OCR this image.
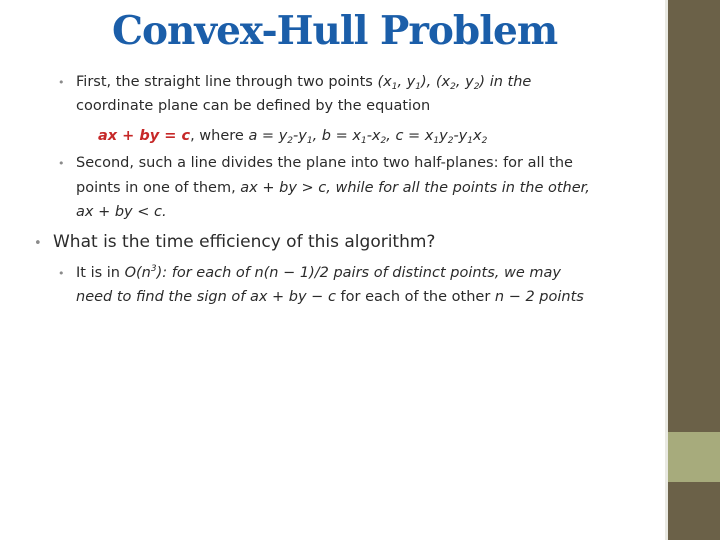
Convex-Hull Problem
• First, the straight line through two points ($x_1$, $y_1$), ($x_2$, $y_2$) in the
coordinate plane can be defined by the equation
ax + by = c, where $a = y_2-y_1$, $b = x_1-x_2$, $c = x_1y_2-y_1x_2$
• Second, such a line divides the plane into two half-planes: for all the
points in one of them, ax + by > c, while for all the points in the other,
ax + by < c.
• What is the time efficiency of this algorithm?
• It is in $O(n^3)$: for each of n(n − 1)/2 pairs of distinct points, we may
need to find the sign of ax + by − c for each of the other n − 2 points
